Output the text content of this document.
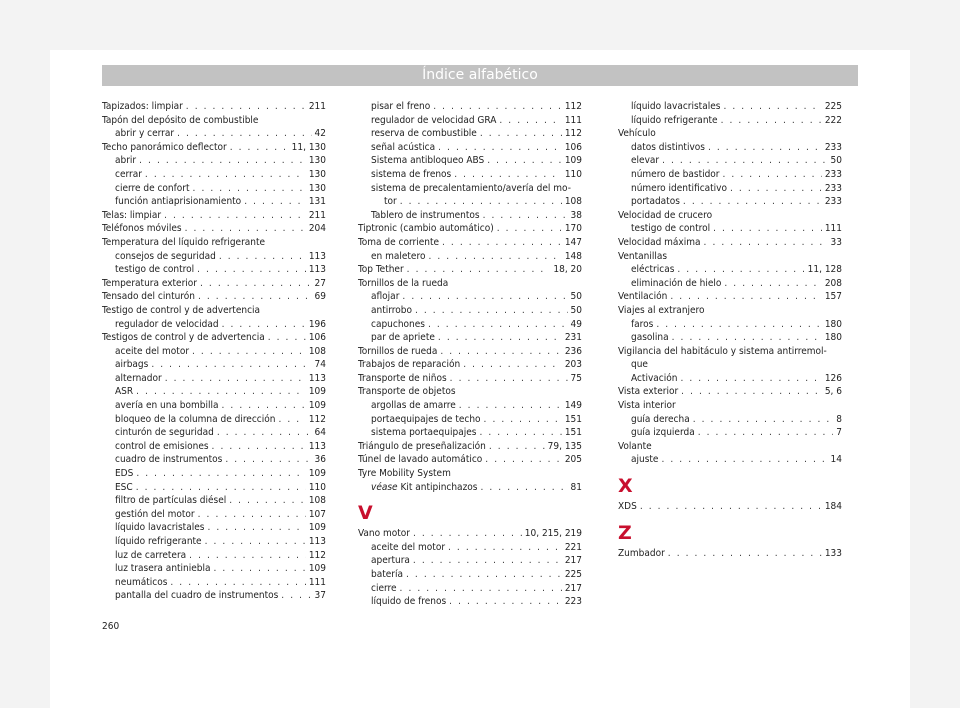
Índice alfabético
Tapizados: limpiar . . .	211
Tapón del depósito de combustible
abrir y cerrar . . .	42
Techo panorámico deflector . . .	11, 130
abrir . . .	130
cerrar . . .	130
cierre de confort . . .	130
función antiaprisionamiento . . .	131
Telas: limpiar . . .	211
Teléfonos móviles . . .	204
Temperatura del líquido refrigerante
consejos de seguridad . . .	113
testigo de control . . .	113
Temperatura exterior . . .	27
Tensado del cinturón . . .	69
Testigo de control y de advertencia
regulador de velocidad . . .	196
Testigos de control y de advertencia . . .	106
aceite del motor . . .	108
airbags . . .	74
alternador . . .	113
ASR . . .	109
avería en una bombilla . . .	109
bloqueo de la columna de dirección . . .	112
cinturón de seguridad . . .	64
control de emisiones . . .	113
cuadro de instrumentos . . .	36
EDS . . .	109
ESC . . .	110
filtro de partículas diésel . . .	108
gestión del motor . . .	107
líquido lavacristales . . .	109
líquido refrigerante . . .	113
luz de carretera . . .	112
luz trasera antiniebla . . .	109
neumáticos . . .	111
pantalla del cuadro de instrumentos . . .	37
pisar el freno . . .	112
regulador de velocidad GRA . . .	111
reserva de combustible . . .	112
señal acústica . . .	106
Sistema antibloqueo ABS . . .	109
sistema de frenos . . .	110
sistema de precalentamiento/avería del mo-
tor . . .	108
Tablero de instrumentos . . .	38
Tiptronic (cambio automático) . . .	170
Toma de corriente . . .	147
en maletero . . .	148
Top Tether . . .	18, 20
Tornillos de la rueda
aflojar . . .	50
antirrobo . . .	50
capuchones . . .	49
par de apriete . . .	231
Tornillos de rueda . . .	236
Trabajos de reparación . . .	203
Transporte de niños . . .	75
Transporte de objetos
argollas de amarre . . .	149
portaequipajes de techo . . .	151
sistema portaequipajes . . .	151
Triángulo de preseñalización . . .	79, 135
Túnel de lavado automático . . .	205
Tyre Mobility System
véase Kit antipinchazos . . .	81
V
Vano motor . . .	10, 215, 219
aceite del motor . . .	221
apertura . . .	217
batería . . .	225
cierre . . .	217
líquido de frenos . . .	223
líquido lavacristales . . .	225
líquido refrigerante . . .	222
Vehículo
datos distintivos . . .	233
elevar . . .	50
número de bastidor . . .	233
número identificativo . . .	233
portadatos . . .	233
Velocidad de crucero
testigo de control . . .	111
Velocidad máxima . . .	33
Ventanillas
eléctricas . . .	11, 128
eliminación de hielo . . .	208
Ventilación . . .	157
Viajes al extranjero
faros . . .	180
gasolina . . .	180
Vigilancia del habitáculo y sistema antirremol-
que
Activación . . .	126
Vista exterior . . .	5, 6
Vista interior
guía derecha . . .	8
guía izquierda . . .	7
Volante
ajuste . . .	14
X
XDS . . .	184
Z
Zumbador . . .	133
260
